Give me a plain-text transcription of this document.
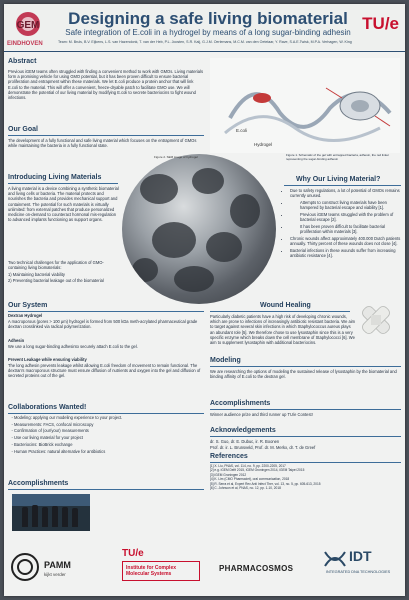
GEM
EINDHOVEN
Designing a safe living biomaterial
Safe integration of E.coli in a hydrogel by means of a long sugar-binding adhesin
Team: M. Bruls, B.V. Eijkens, L.S. van Hazendonk, T. van der Heb, P.L. Joosten, S.R. Kalj, G.J.M. Oerlemans, M.C.M. van den Oetelaar, Y. Rave, S.A.E.Twisk, M.P.A. Verhagen, W. King
TU/e
Abstract
Previous iGEM teams often struggled with finding a convenient method to work with GMOs. Living materials form a promising vehicle for using GMO potential, but it has been proven difficult to ensure bacterial proliferation and entrapment within these materials. We let E.coli produce a protein anchor that will link E.coli to the material. This will offer a convenient, freeze-dryable patch to facilitate GMO use. We will demonstrate the potential of our living material by modifying E.coli to secrete bacteriocins to fight wound infections.
Our Goal
The development of a fully functional and safe living material which focuses on the entrapment of GMOs while maintaining the bacteria in a fully functional state.
E.coli
Hydrogel
Figure 1. Schematic of the gel with entrapped bacteria, adhesin, the red linker representing the sugar-binding adhesin
Figure 2. SEM image of hydrogel
Introducing Living Materials
A living material is a device combining a synthetic biomaterial and living cells or bacteria. The material protects and nourishes the bacteria and provides mechanical support and containment. The potential for such materials is virtually unlimited: from external patches that produce personalized medicine on-demand to counteract hormonal mis-regulation to advanced implants functioning as support organs.
Two technical challenges for the application of GMO-containing living biomaterials:
1) Maintaining bacterial viability
2) Preventing bacterial leakage out of the biomaterial
Why Our Living Material?
• Due to safety regulations, a lot of potential of GMOs remains currently unused.
• Attempts to construct living materials have been hampered by bacterial escape and viability [1].
• Previous iGEM teams struggled with the problem of bacterial escape [2].
• It has been proven difficult to facilitate bacterial proliferation within materials [3].
• Chronic wounds affect approximately 400.000 Dutch patients annually. Thirty percent of these wounds does not close [4].
• Bacterial infections in these wounds suffer from increasing antibiotic resistance [4].
Our System
Dextran Hydrogel
A macroporous (pores > 100 μm) hydrogel is formed from 500 kDa meth-acrylated pharmaceutical grade dextran crosslinked via radical polymerization.
Adhesin
We use a long sugar-binding adhesinto securely attach E.coli to the gel.
Prevent Leakage while ensuring viability
The long adhesin prevents leakage whilst allowing E.coli freedom of movement to remain functional. The dextran's macroporous structure must ensure diffusion of nutrients and oxygen into the gel and diffusion of secreted proteins out of the gel.
Wound Healing
Particularly diabetic patients have a high risk of developing chronic wounds, which are prone to infections of increasingly antibiotic resistant bacteria. We aim to target against several skin infections in which Staphylococcus aureus plays an abundant role [5]. We therefore chose to use lysostaphin since this is a very specific enzyme which breaks down the cell membrane of Staphylococci [6]. We aim to supplement lysostaphin with additional bacteriocins.
Modeling
We are researching the options of modeling the sustained release of lysostaphin by the biomaterial and binding affinity of E.coli to the dextran gel.
Collaborations Wanted!
- Modeling: applying our modeling experience to your project.
- Measurements: FACS, confocal microscopy
- Confirmation of (our/your) measurements
- Use our living material for your project
- Bacteriocins: BioBrick exchange
- Human Practices: natural alternative for antibiotics
Accomplishments
Winner audience prize and third runner up TU/e Contest!
Acknowledgements
dr. S. Guo, dr. E. Dubuc, ir. R. Boonen
Prof. dr. ir. L. Brunsveld, Prof. dr. M. Merkx, dr. T. de Greef
References
[1] X. Liu, PNAS, vol. 114, no. 9, pp. 2200-2205, 2017
[2] e.g. iGEM Delft 2015, iGEM Groningen 2014, iGEM Taipei 2015
[3] iGEM Groningen 2012
[4] K. Lim (CMO Pharmaciet), oral communication, 2018
[5] R. Serra et al, Expert Rev Anti Infect Ther, vol. 13, no. 5, pp. 605-613, 2015
[6] C. Johnson et al, PNAS, no. 12, pp. 1-10, 2018
Accomplishments
PAMM
kijkt verder
TU/e
Institute for Complex Molecular Systems
PHARMACOSMOS
IDT
INTEGRATED DNA TECHNOLOGIES
